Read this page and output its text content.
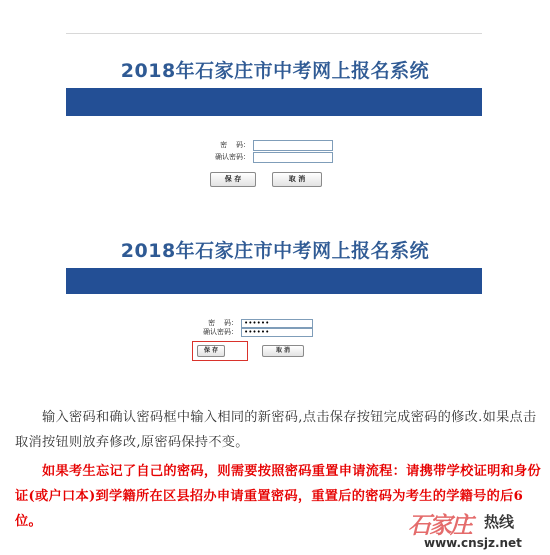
2018年石家庄市中考网上报名系统
密    码：
确认密码：
保 存	取 消
2018年石家庄市中考网上报名系统
密    码： ••••••
确认密码： ••••••
保 存	取 消

输入密码和确认密码框中输入相同的新密码,点击保存按钮完成密码的修改.如果点击取消按钮则放弃修改,原密码保持不变。

如果考生忘记了自己的密码，则需要按照密码重置申请流程：请携带学校证明和身份证(或户口本)到学籍所在区县招办申请重置密码，重置后的密码为考生的学籍号的后6位。	石家庄 热线
www.cnsjz.net
